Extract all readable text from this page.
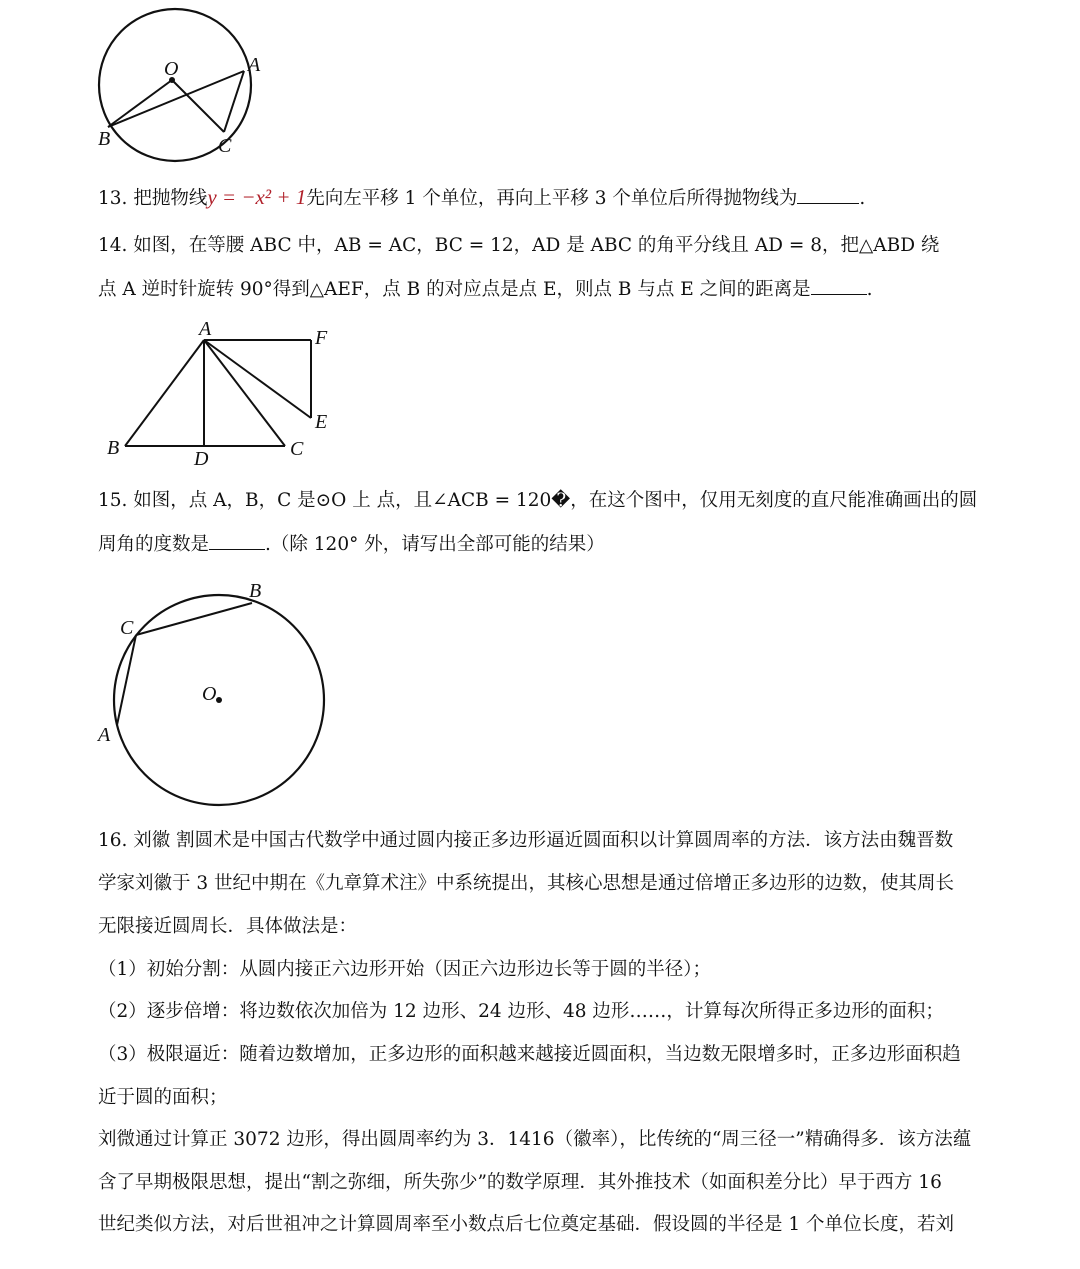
O	A
B	C
13. 把抛物线y = −x² + 1先向左平移 1 个单位，再向上平移 3 个单位后所得抛物线为	.
14. 如图，在等腰 ABC 中，AB = AC，BC = 12，AD 是 ABC 的角平分线且 AD = 8，把△ABD 绕
点 A 逆时针旋转 90°得到△AEF，点 B 的对应点是点 E，则点 B 与点 E 之间的距离是	.
A	F
E
B	D	C
15. 如图，点 A，B，C 是⊙O 上 点，且∠ACB = 120�，在这个图中，仅用无刻度的直尺能准确画出的圆
周角的度数是	.（除 120° 外，请写出全部可能的结果）
O
B
C
A
16. 刘徽 割圆术是中国古代数学中通过圆内接正多边形逼近圆面积以计算圆周率的方法．该方法由魏晋数
学家刘徽于 3 世纪中期在《九章算术注》中系统提出，其核心思想是通过倍增正多边形的边数，使其周长
无限接近圆周长．具体做法是：
（1）初始分割：从圆内接正六边形开始（因正六边形边长等于圆的半径）；
（2）逐步倍增：将边数依次加倍为 12 边形、24 边形、48 边形……，计算每次所得正多边形的面积；
（3）极限逼近：随着边数增加，正多边形的面积越来越接近圆面积，当边数无限增多时，正多边形面积趋
近于圆的面积；
刘微通过计算正 3072 边形，得出圆周率约为 3．1416（徽率），比传统的“周三径一”精确得多．该方法蕴
含了早期极限思想，提出“割之弥细，所失弥少”的数学原理．其外推技术（如面积差分比）早于西方 16
世纪类似方法，对后世祖冲之计算圆周率至小数点后七位奠定基础．假设圆的半径是 1 个单位长度，若刘
